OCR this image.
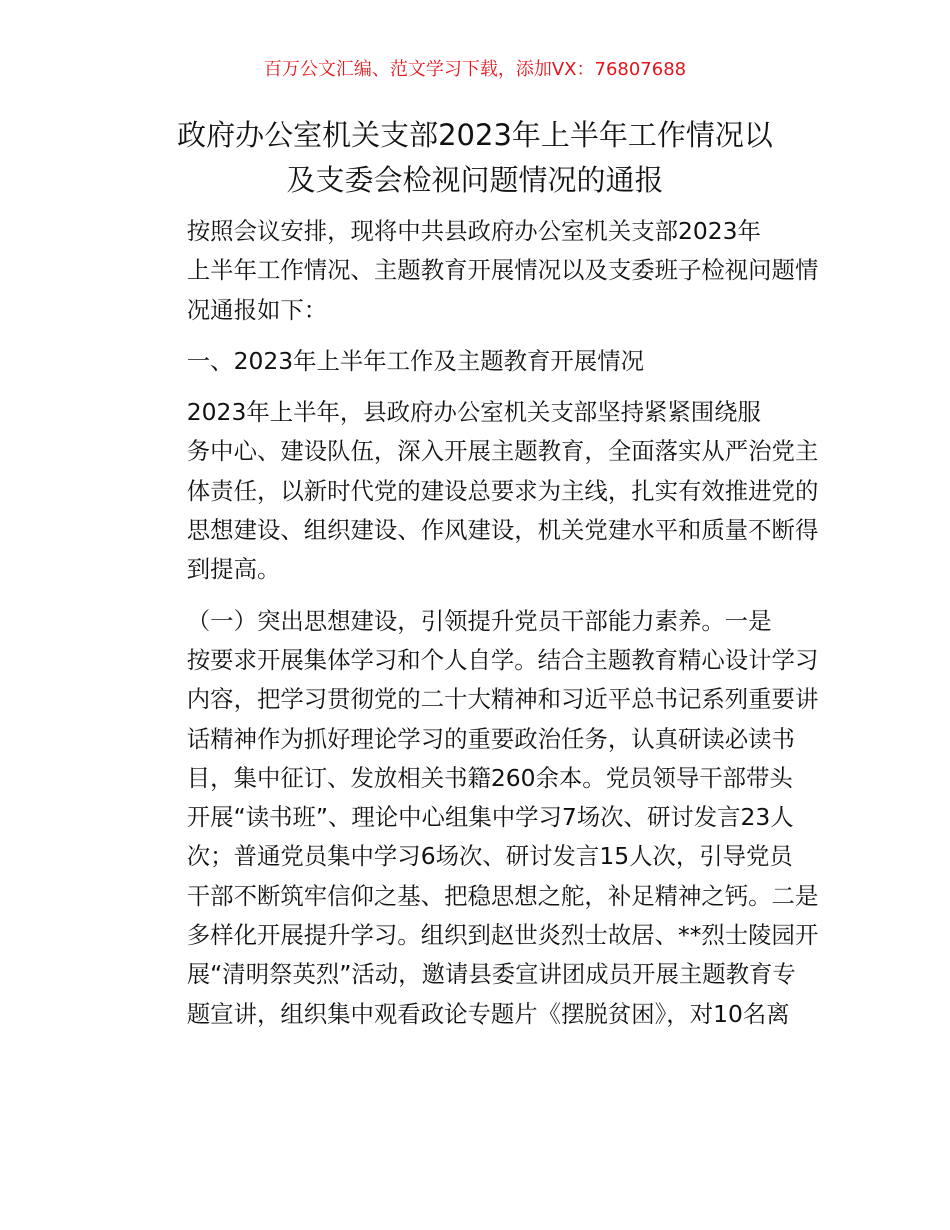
百万公文汇编、范文学习下载，添加VX：76807688
政府办公室机关支部2023年上半年工作情况以
及支委会检视问题情况的通报

按照会议安排，现将中共县政府办公室机关支部2023年
上半年工作情况、主题教育开展情况以及支委班子检视问题情
况通报如下：

一、2023年上半年工作及主题教育开展情况

2023年上半年，县政府办公室机关支部坚持紧紧围绕服
务中心、建设队伍，深入开展主题教育，全面落实从严治党主
体责任，以新时代党的建设总要求为主线，扎实有效推进党的
思想建设、组织建设、作风建设，机关党建水平和质量不断得
到提高。

（一）突出思想建设，引领提升党员干部能力素养。一是
按要求开展集体学习和个人自学。结合主题教育精心设计学习
内容，把学习贯彻党的二十大精神和习近平总书记系列重要讲
话精神作为抓好理论学习的重要政治任务，认真研读必读书
目，集中征订、发放相关书籍260余本。党员领导干部带头
开展“读书班”、理论中心组集中学习7场次、研讨发言23人
次；普通党员集中学习6场次、研讨发言15人次，引导党员
干部不断筑牢信仰之基、把稳思想之舵，补足精神之钙。二是
多样化开展提升学习。组织到赵世炎烈士故居、**烈士陵园开
展“清明祭英烈”活动，邀请县委宣讲团成员开展主题教育专
题宣讲，组织集中观看政论专题片《摆脱贫困》，对10名离
